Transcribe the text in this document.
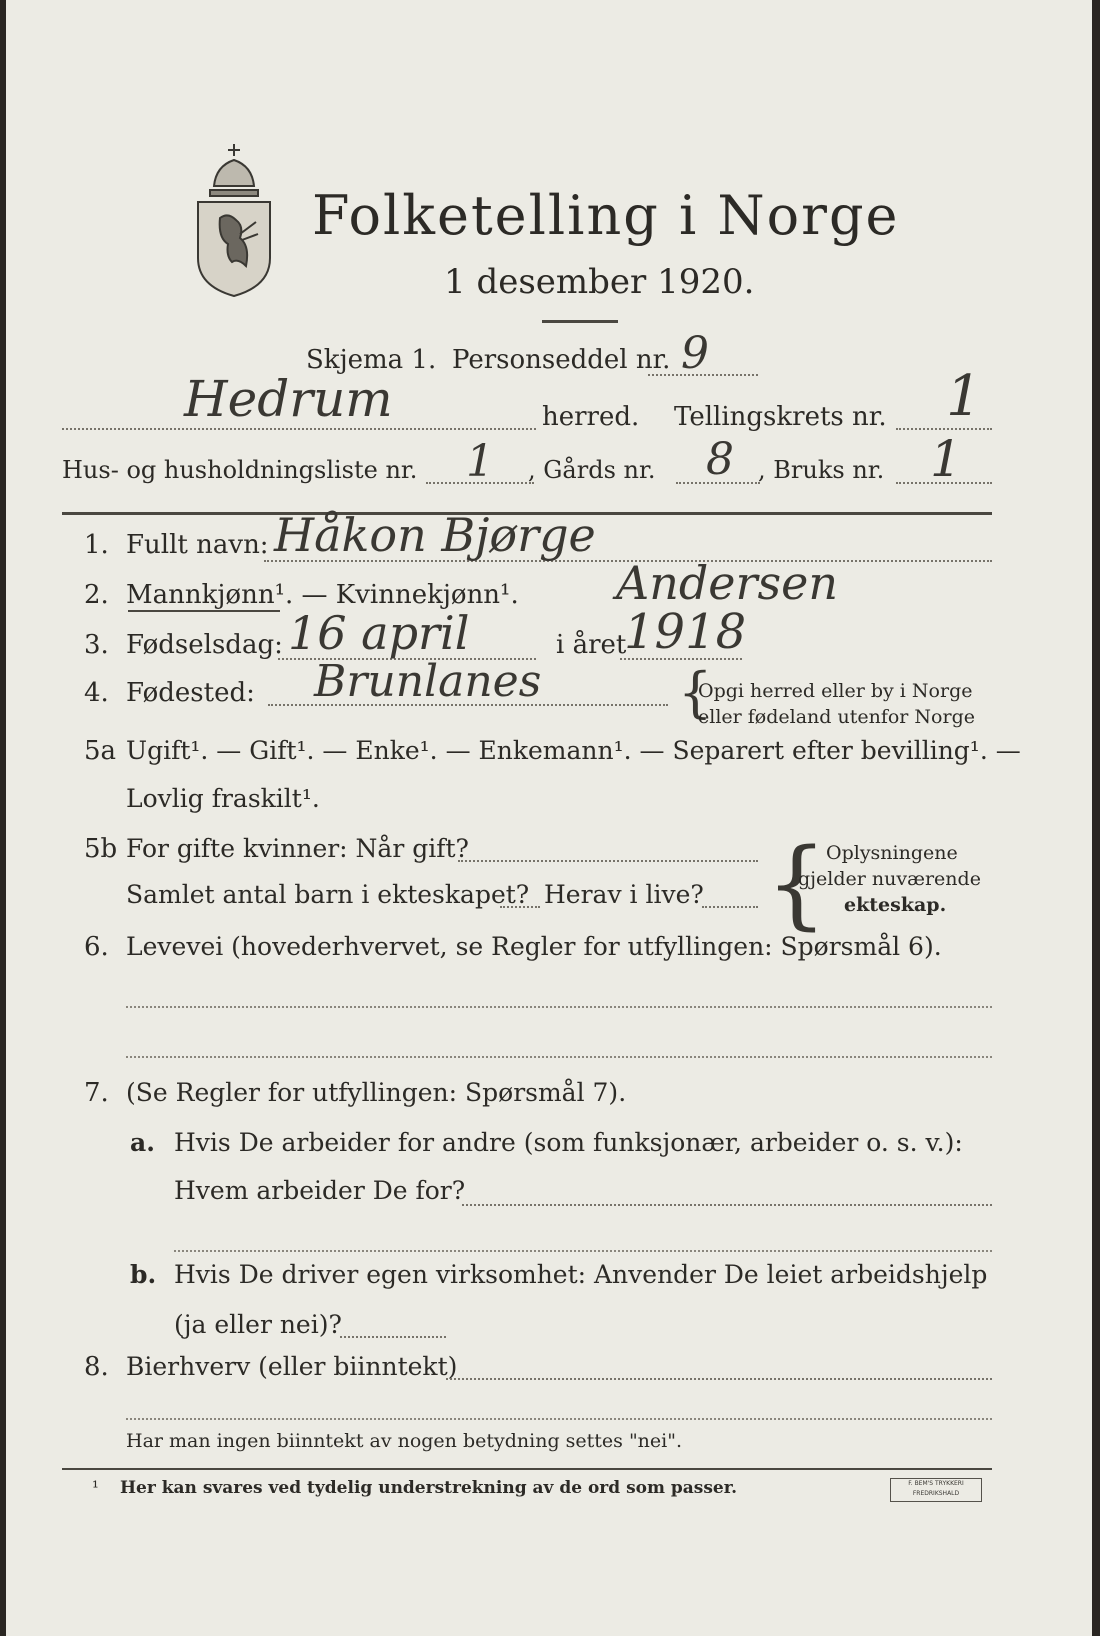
Folketelling i Norge
1 desember 1920.
Skjema 1. Personseddel nr. 9
Hedrum	herred. Tellingskrets nr. 1
Hus- og husholdningsliste nr. 1 , Gårds nr. 8 , Bruks nr. 1
1. Fullt navn: Håkon Bjørge
Andersen
2. Mannkjønn¹. — Kvinnekjønn¹.
3. Fødselsdag: 16 april	i året
1918
4. Fødested: Brunlanes	{
Opgi herred eller by i Norge
eller fødeland utenfor Norge
5a Ugift¹. — Gift¹. — Enke¹. — Enkemann¹. — Separert efter bevilling¹. —
Lovlig fraskilt¹.
5b For gifte kvinner: Når gift?
Samlet antal barn i ekteskapet? Herav i live? {
Oplysningene
gjelder nuværende
ekteskap.
6. Levevei (hovederhvervet, se Regler for utfyllingen: Spørsmål 6).
7. (Se Regler for utfyllingen: Spørsmål 7).
a. Hvis De arbeider for andre (som funksjonær, arbeider o. s. v.):
Hvem arbeider De for?
b. Hvis De driver egen virksomhet: Anvender De leiet arbeidshjelp
(ja eller nei)?
8. Bierhverv (eller biinntekt)
Har man ingen biinntekt av nogen betydning settes "nei".
¹ Her kan svares ved tydelig understrekning av de ord som passer.	F. BEM'S TRYKKERI
FREDRIKSHALD
